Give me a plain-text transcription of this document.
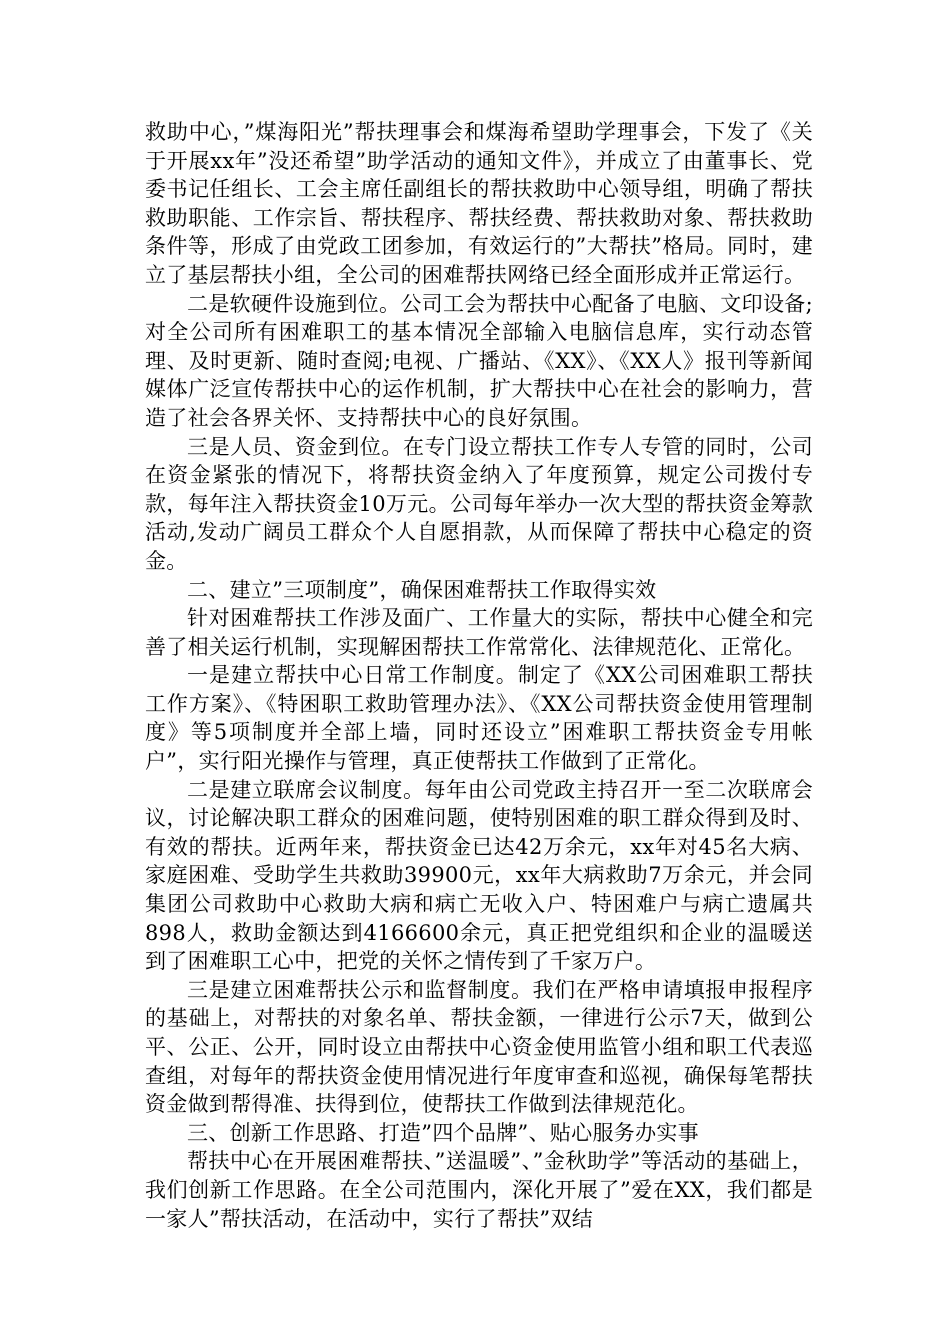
救助中心，”煤海阳光”帮扶理事会和煤海希望助学理事会，下发了《关于开展xx年”没还希望”助学活动的通知文件》，并成立了由董事长、党委书记任组长、工会主席任副组长的帮扶救助中心领导组，明确了帮扶救助职能、工作宗旨、帮扶程序、帮扶经费、帮扶救助对象、帮扶救助条件等，形成了由党政工团参加，有效运行的”大帮扶”格局。同时，建立了基层帮扶小组，全公司的困难帮扶网络已经全面形成并正常运行。

二是软硬件设施到位。公司工会为帮扶中心配备了电脑、文印设备;对全公司所有困难职工的基本情况全部输入电脑信息库，实行动态管理、及时更新、随时查阅;电视、广播站、《XX》、《XX人》报刊等新闻媒体广泛宣传帮扶中心的运作机制，扩大帮扶中心在社会的影响力，营造了社会各界关怀、支持帮扶中心的良好氛围。

三是人员、资金到位。在专门设立帮扶工作专人专管的同时，公司在资金紧张的情况下，将帮扶资金纳入了年度预算，规定公司拨付专款，每年注入帮扶资金10万元。公司每年举办一次大型的帮扶资金筹款活动,发动广阔员工群众个人自愿捐款，从而保障了帮扶中心稳定的资金。

二、建立”三项制度”，确保困难帮扶工作取得实效

针对困难帮扶工作涉及面广、工作量大的实际，帮扶中心健全和完善了相关运行机制，实现解困帮扶工作常常化、法律规范化、正常化。

一是建立帮扶中心日常工作制度。制定了《XX公司困难职工帮扶工作方案》、《特困职工救助管理办法》、《XX公司帮扶资金使用管理制度》等5项制度并全部上墙，同时还设立”困难职工帮扶资金专用帐户”，实行阳光操作与管理，真正使帮扶工作做到了正常化。

二是建立联席会议制度。每年由公司党政主持召开一至二次联席会议，讨论解决职工群众的困难问题，使特别困难的职工群众得到及时、有效的帮扶。近两年来，帮扶资金已达42万余元，xx年对45名大病、家庭困难、受助学生共救助39900元，xx年大病救助7万余元，并会同集团公司救助中心救助大病和病亡无收入户、特困难户与病亡遗属共898人，救助金额达到4166600余元，真正把党组织和企业的温暖送到了困难职工心中，把党的关怀之情传到了千家万户。

三是建立困难帮扶公示和监督制度。我们在严格申请填报申报程序的基础上，对帮扶的对象名单、帮扶金额，一律进行公示7天，做到公平、公正、公开，同时设立由帮扶中心资金使用监管小组和职工代表巡查组，对每年的帮扶资金使用情况进行年度审查和巡视，确保每笔帮扶资金做到帮得准、扶得到位，使帮扶工作做到法律规范化。

三、创新工作思路、打造”四个品牌”、贴心服务办实事

帮扶中心在开展困难帮扶、”送温暖”、”金秋助学”等活动的基础上，我们创新工作思路。在全公司范围内，深化开展了”爱在XX，我们都是一家人”帮扶活动，在活动中，实行了帮扶”双结
